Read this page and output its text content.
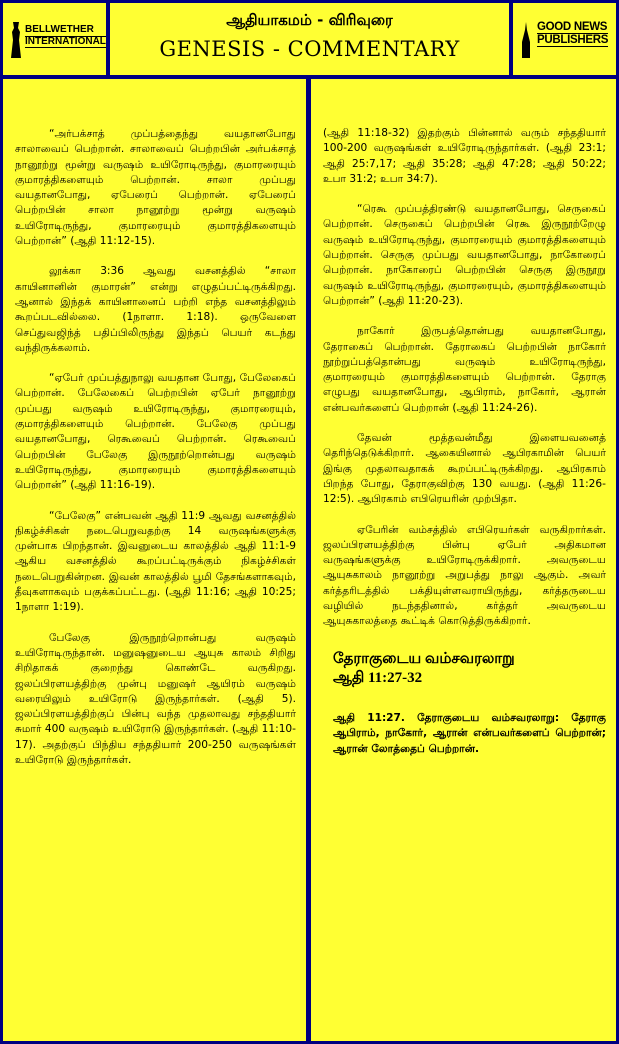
BELLWETHER
INTERNATIONAL
ஆதியாகமம் - விரிவுரை
GENESIS - COMMENTARY
GOOD NEWS
PUBLISHERS

“அர்பக்சாத் முப்பத்தைந்து வயதானபோது சாலாவைப் பெற்றான். சாலாவைப் பெற்றபின் அர்பக்சாத் நானூற்று மூன்று வருஷம் உயிரோடிருந்து, குமாரரையும் குமாரத்திகளையும் பெற்றான். சாலா முப்பது வயதானபோது, ஏபேரைப் பெற்றான். ஏபேரைப் பெற்றபின் சாலா நானூற்று மூன்று வருஷம் உயிரோடிருந்து, குமாரரையும் குமாரத்திகளையும் பெற்றான்” (ஆதி 11:12-15).

லூக்கா 3:36 ஆவது வசனத்தில் “சாலா காயினானின் குமாரன்” என்று எழுதப்பட்டிருக்கிறது. ஆனால் இந்தக் காயினானைப் பற்றி எந்த வசனத்திலும் கூறப்படவில்லை. (1நாளா. 1:18). ஒருவேளை செப்துவஜிந்த் பதிப்பிலிருந்து இந்தப் பெயர் கடந்து வந்திருக்கலாம்.

“ஏபேர் முப்பத்துநாலு வயதான போது, பேலேகைப் பெற்றான். பேலேகைப் பெற்றபின் ஏபேர் நானூற்று முப்பது வருஷம் உயிரோடிருந்து, குமாரரையும், குமாரத்திகளையும் பெற்றான். பேலேகு முப்பது வயதானபோது, ரெகூவைப் பெற்றான். ரெகூவைப் பெற்றபின் பேலேகு இருநூற்றொன்பது வருஷம் உயிரோடிருந்து, குமாரரையும் குமாரத்திகளையும் பெற்றான்” (ஆதி 11:16-19).

“பேலேகு” என்பவன் ஆதி 11:9 ஆவது வசனத்தில் நிகழ்ச்சிகள் நடைபெறுவதற்கு 14 வருஷங்களுக்கு முன்பாக பிறந்தான். இவனுடைய காலத்தில் ஆதி 11:1-9 ஆகிய வசனத்தில் கூறப்பட்டிருக்கும் நிகழ்ச்சிகள் நடைபெறுகின்றன. இவன் காலத்தில் பூமி தேசங்களாகவும், தீவுகளாகவும் பகுக்கப்பட்டது. (ஆதி 11:16; ஆதி 10:25; 1நாளா 1:19).

பேலேகு இருநூற்றொன்பது வருஷம் உயிரோடிருந்தான். மனுஷனுடைய ஆயுசு காலம் சிறிது சிறிதாகக் குறைந்து கொண்டே வருகிறது. ஜலப்பிரளயத்திற்கு முன்பு மனுஷர் ஆயிரம் வருஷம் வரையிலும் உயிரோடு இருந்தார்கள். (ஆதி 5). ஜலப்பிரளயத்திற்குப் பின்பு வந்த முதலாவது சந்ததியார் சுமார் 400 வருஷம் உயிரோடு இருந்தார்கள். (ஆதி 11:10-17). அதற்குப் பிந்திய சந்ததியார் 200-250 வருஷங்கள் உயிரோடு இருந்தார்கள்.

(ஆதி 11:18-32) இதற்கும் பின்னால் வரும் சந்ததியார் 100-200 வருஷங்கள் உயிரோடிருந்தார்கள். (ஆதி 23:1; ஆதி 25:7,17; ஆதி 35:28; ஆதி 47:28; ஆதி 50:22; உபா 31:2; உபா 34:7).

“ரெகூ முப்பத்திரண்டு வயதானபோது, செருகைப் பெற்றான். செருகைப் பெற்றபின் ரெகூ இருநூற்றேழு வருஷம் உயிரோடிருந்து, குமாரரையும் குமாரத்திகளையும் பெற்றான். செருகு முப்பது வயதானபோது, நாகோரைப் பெற்றான். நாகோரைப் பெற்றபின் செருகு இருநூறு வருஷம் உயிரோடிருந்து, குமாரரையும், குமாரத்திகளையும் பெற்றான்” (ஆதி 11:20-23).

நாகோர் இருபத்தொன்பது வயதானபோது, தேராகைப் பெற்றான். தேராகைப் பெற்றபின் நாகோர் நூற்றுப்பத்தொன்பது வருஷம் உயிரோடிருந்து, குமாரரையும் குமாரத்திகளையும் பெற்றான். தேராகு எழுபது வயதானபோது, ஆபிராம், நாகோர், ஆரான் என்பவர்களைப் பெற்றான் (ஆதி 11:24-26).

தேவன் மூத்தவன்மீது இளையவனைத் தெரிந்தெடுக்கிறார். ஆகையினால் ஆபிரகாமின் பெயர் இங்கு முதலாவதாகக் கூறப்பட்டிருக்கிறது. ஆபிரகாம் பிறந்த போது, தேராகுவிற்கு 130 வயது. (ஆதி 11:26-12:5). ஆபிரகாம் எபிரெயரின் முற்பிதா.

ஏபேரின் வம்சத்தில் எபிரெயர்கள் வருகிறார்கள். ஜலப்பிரளயத்திற்கு பின்பு ஏபேர் அதிகமான வருஷங்களுக்கு உயிரோடிருக்கிறார். அவருடைய ஆயுசுகாலம் நானூற்று அறுபத்து நாலு ஆகும். அவர் கர்த்தரிடத்தில் பக்தியுள்ளவராயிருந்து, கர்த்தருடைய வழியில் நடந்ததினால், கர்த்தர் அவருடைய ஆயுசுகாலத்தை கூட்டிக் கொடுத்திருக்கிறார்.

தேராகுடைய வம்சவரலாறு
ஆதி 11:27-32

ஆதி 11:27. தேராகுடைய வம்சவரலாறு: தேராகு ஆபிராம், நாகோர், ஆரான் என்பவர்களைப் பெற்றான்; ஆரான் லோத்தைப் பெற்றான்.
